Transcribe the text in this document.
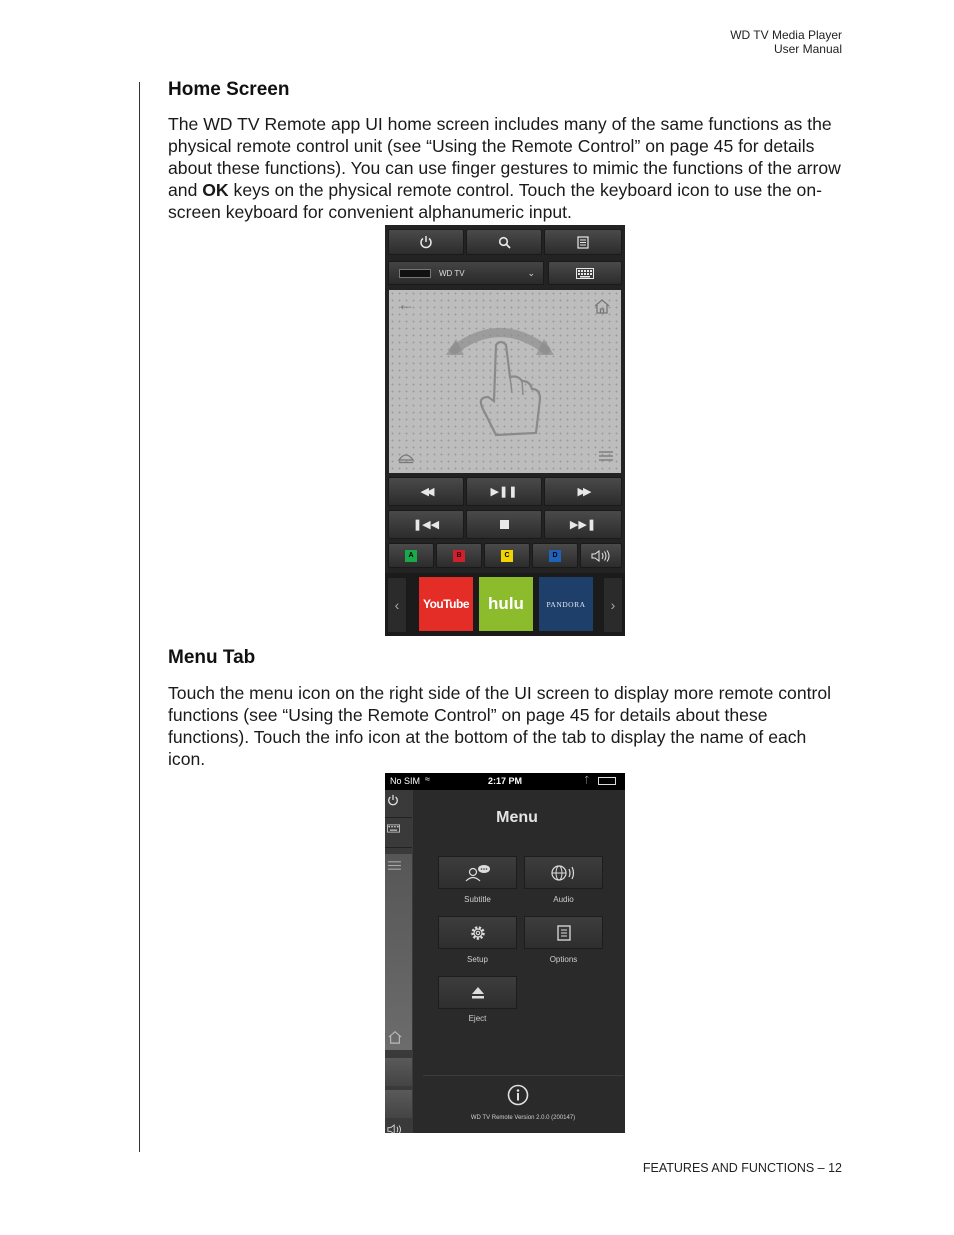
WD TV Media Player
User Manual
Home Screen
The WD TV Remote app UI home screen includes many of the same functions as the physical remote control unit (see “Using the Remote Control” on page 45 for details about these functions). You can use finger gestures to mimic the functions of the arrow and OK keys on the physical remote control. Touch the keyboard icon to use the on-screen keyboard for convenient alphanumeric input.
WD TV	⌄
←
◀◀	▶❚❚	▶▶
❚◀◀	▶▶❚
A	B	C	D
‹ YouTube hulu	PANDORA ›
Menu Tab
Touch the menu icon on the right side of the UI screen to display more remote control functions (see “Using the Remote Control” on page 45 for details about these functions). Touch the info icon at the bottom of the tab to display the name of each icon.
No SIM ≈	2:17 PM	ᛏ
Menu
Subtitle	Audio
Setup	Options
Eject
WD TV Remote Version 2.0.0 (200147)
FEATURES AND FUNCTIONS – 12
